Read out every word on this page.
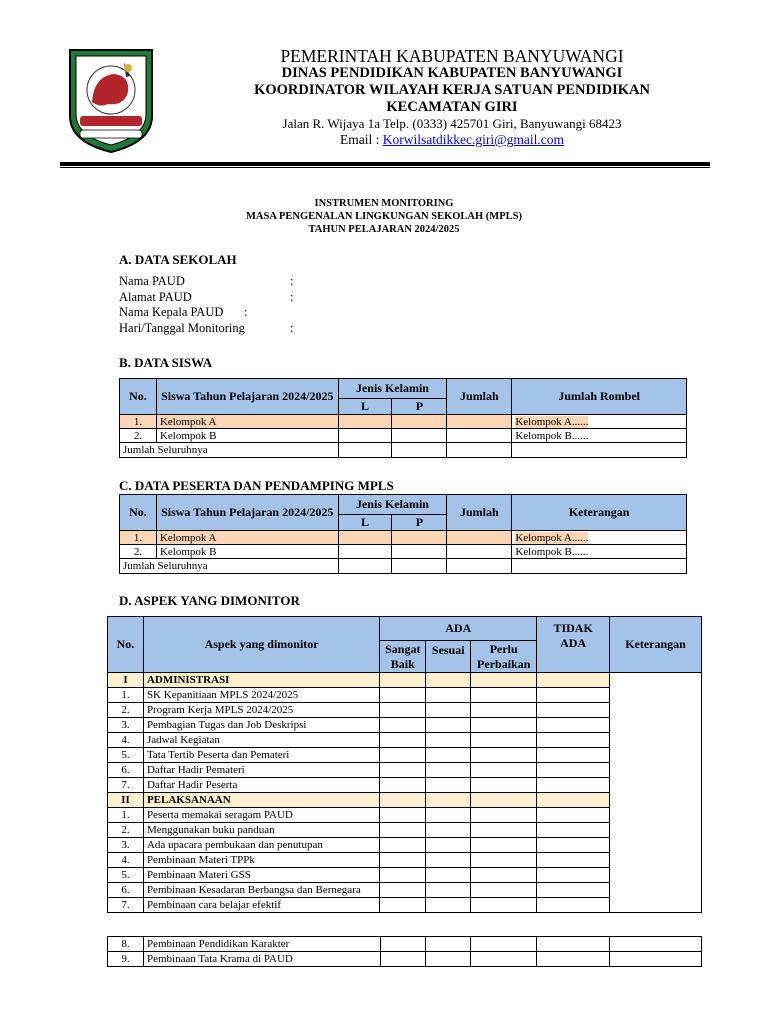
PEMERINTAH KABUPATEN BANYUWANGI
DINAS PENDIDIKAN KABUPATEN BANYUWANGI
KOORDINATOR WILAYAH KERJA SATUAN PENDIDIKAN
KECAMATAN GIRI
Jalan R. Wijaya 1a Telp. (0333) 425701 Giri, Banyuwangi 68423
Email : Korwilsatdikkec.giri@gmail.com
INSTRUMEN MONITORING
MASA PENGENALAN LINGKUNGAN SEKOLAH (MPLS)
TAHUN PELAJARAN 2024/2025
A. DATA SEKOLAH
Nama PAUD	:
Alamat PAUD	:
Nama Kepala PAUD :
Hari/Tanggal Monitoring	:
B. DATA SISWA
No.	Siswa Tahun Pelajaran 2024/2025	Jenis Kelamin		Jumlah	Jumlah Rombel
		L	P		
1.	Kelompok A				Kelompok A......
2.	Kelompok B				Kelompok B......
Jumlah Seluruhnya					
C. DATA PESERTA DAN PENDAMPING MPLS
No.	Siswa Tahun Pelajaran 2024/2025	Jenis Kelamin		Jumlah	Keterangan
		L	P		
1.	Kelompok A				Kelompok A......
2.	Kelompok B				Kelompok B......
Jumlah Seluruhnya					
D. ASPEK YANG DIMONITOR
No.	Aspek yang dimonitor	ADA			TIDAK ADA	Keterangan
		Sangat Baik	Sesuai	Perlu Perbaikan		
I	ADMINISTRASI					
1.	SK Kepanitiaan MPLS 2024/2025					
2.	Program Kerja MPLS 2024/2025					
3.	Pembagian Tugas dan Job Deskripsi					
4.	Jadwal Kegiatan					
5.	Tata Tertib Peserta dan Pemateri					
6.	Daftar Hadir Pemateri					
7.	Daftar Hadir Peserta					
II	PELAKSANAAN					
1.	Peserta memakai seragam PAUD					
2.	Menggunakan buku panduan					
3.	Ada upacara pembukaan dan penutupan					
4.	Pembinaan Materi TPPk					
5.	Pembinaan Materi GSS					
6.	Pembinaan Kesadaran Berbangsa dan Bernegara					
7.	Pembinaan cara belajar efektif					
8.	Pembinaan Pendidikan Karakter					
9.	Pembinaan Tata Krama di PAUD					
